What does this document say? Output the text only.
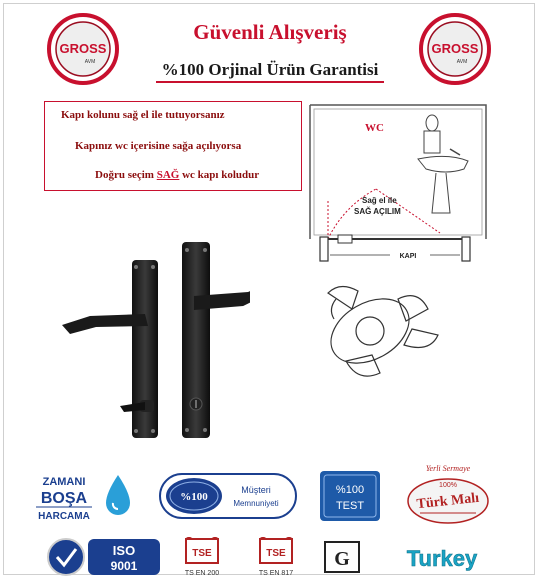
GROSS
AVM
Güvenli Alışveriş
%100 Orjinal Ürün Garantisi
GROSS
AVM
Kapı kolunu sağ el ile tutuyorsanız
Kapınız wc içerisine sağa açılıyorsa
Doğru seçim SAĞ wc kapı koludur
WC
Sağ el ile
SAĞ AÇILIM
KAPI
ZAMANI
BOŞA
HARCAMA
%100
Müşteri
Memnuniyeti
%100
TEST
Yerli Sermaye
100%
Türk Malı
ISO
9001
TSE
TS EN 200
TSE
TS EN 817
G	Turkey
